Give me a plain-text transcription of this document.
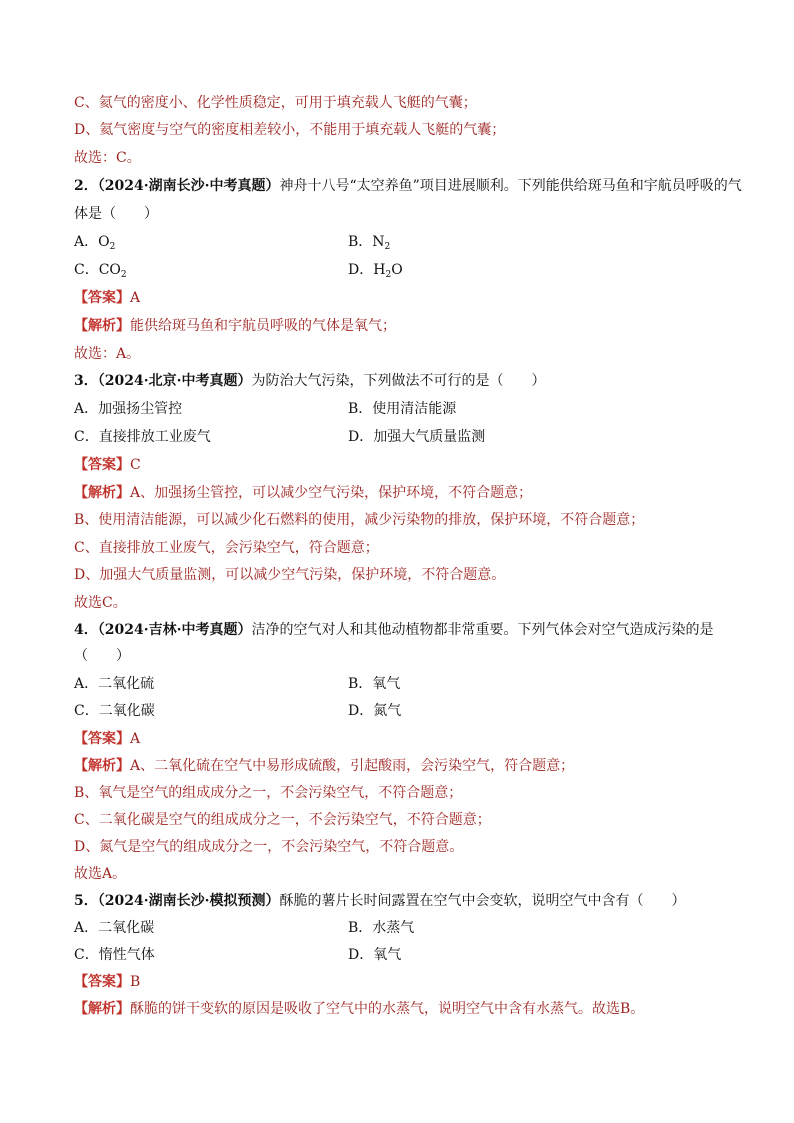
C、氦气的密度小、化学性质稳定，可用于填充载人飞艇的气囊；
D、氦气密度与空气的密度相差较小，不能用于填充载人飞艇的气囊；
故选：C。
2．（2024·湖南长沙·中考真题）神舟十八号“太空养鱼”项目进展顺利。下列能供给斑马鱼和宇航员呼吸的气
体是（　　）
A．$O_2$	B．$N_2$
C．$CO_2$	D．$H_2O$
【答案】A
【解析】能供给斑马鱼和宇航员呼吸的气体是氧气；
故选：A。
3．（2024·北京·中考真题）为防治大气污染，下列做法不可行的是（　　）
A．加强扬尘管控	B．使用清洁能源
C．直接排放工业废气	D．加强大气质量监测
【答案】C
【解析】A、加强扬尘管控，可以减少空气污染，保护环境，不符合题意；
B、使用清洁能源，可以减少化石燃料的使用，减少污染物的排放，保护环境，不符合题意；
C、直接排放工业废气，会污染空气，符合题意；
D、加强大气质量监测，可以减少空气污染，保护环境，不符合题意。
故选C。
4．（2024·吉林·中考真题）洁净的空气对人和其他动植物都非常重要。下列气体会对空气造成污染的是
（　　）
A．二氧化硫	B．氧气
C．二氧化碳	D．氮气
【答案】A
【解析】A、二氧化硫在空气中易形成硫酸，引起酸雨，会污染空气，符合题意；
B、氧气是空气的组成成分之一，不会污染空气，不符合题意；
C、二氧化碳是空气的组成成分之一，不会污染空气，不符合题意；
D、氮气是空气的组成成分之一，不会污染空气，不符合题意。
故选A。
5．（2024·湖南长沙·模拟预测）酥脆的薯片长时间露置在空气中会变软，说明空气中含有（　　）
A．二氧化碳	B．水蒸气
C．惰性气体	D．氧气
【答案】B
【解析】酥脆的饼干变软的原因是吸收了空气中的水蒸气，说明空气中含有水蒸气。故选B。
